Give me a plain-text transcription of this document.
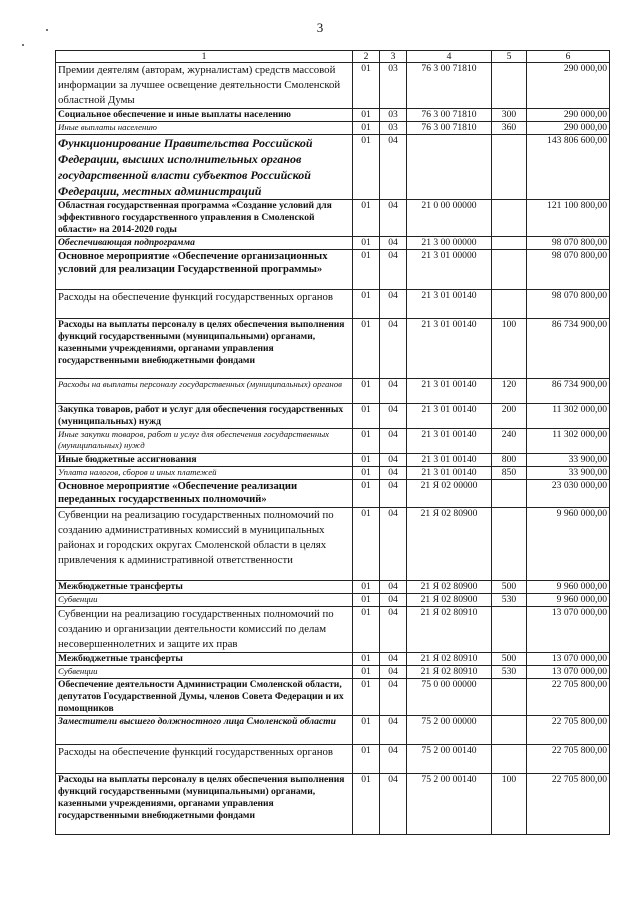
3
1	2	3	4	5	6
Премии деятелям (авторам, журналистам) средств массовой информации за лучшее освещение деятельности Смоленской областной Думы	01	03	76 3 00 71810		290 000,00
Социальное обеспечение и иные выплаты населению	01	03	76 3 00 71810	300	290 000,00
Иные выплаты населению	01	03	76 3 00 71810	360	290 000,00
Функционирование Правительства Российской Федерации, высших исполнительных органов государственной власти субъектов Российской Федерации, местных администраций	01	04			143 806 600,00
Областная государственная программа «Создание условий для эффективного государственного управления в Смоленской области» на 2014-2020 годы	01	04	21 0 00 00000		121 100 800,00
Обеспечивающая подпрограмма	01	04	21 3 00 00000		98 070 800,00
Основное мероприятие «Обеспечение организационных условий для реализации Государственной программы»	01	04	21 3 01 00000		98 070 800,00
Расходы на обеспечение функций государственных органов	01	04	21 3 01 00140		98 070 800,00
Расходы на выплаты персоналу в целях обеспечения выполнения функций государственными (муниципальными) органами, казенными учреждениями, органами управления государственными внебюджетными фондами	01	04	21 3 01 00140	100	86 734 900,00
Расходы на выплаты персоналу государственных (муниципальных) органов	01	04	21 3 01 00140	120	86 734 900,00
Закупка товаров, работ и услуг для обеспечения государственных (муниципальных) нужд	01	04	21 3 01 00140	200	11 302 000,00
Иные закупки товаров, работ и услуг для обеспечения государственных (муниципальных) нужд	01	04	21 3 01 00140	240	11 302 000,00
Иные бюджетные ассигнования	01	04	21 3 01 00140	800	33 900,00
Уплата налогов, сборов и иных платежей	01	04	21 3 01 00140	850	33 900,00
Основное мероприятие «Обеспечение реализации переданных государственных полномочий»	01	04	21 Я 02 00000		23 030 000,00
Субвенции на реализацию государственных полномочий по созданию административных комиссий в муниципальных районах и городских округах Смоленской области в целях привлечения к административной ответственности	01	04	21 Я 02 80900		9 960 000,00
Межбюджетные трансферты	01	04	21 Я 02 80900	500	9 960 000,00
Субвенции	01	04	21 Я 02 80900	530	9 960 000,00
Субвенции на реализацию государственных полномочий по созданию и организации деятельности комиссий по делам несовершеннолетних и защите их прав	01	04	21 Я 02 80910		13 070 000,00
Межбюджетные трансферты	01	04	21 Я 02 80910	500	13 070 000,00
Субвенции	01	04	21 Я 02 80910	530	13 070 000,00
Обеспечение деятельности Администрации Смоленской области, депутатов Государственной Думы, членов Совета Федерации и их помощников	01	04	75 0 00 00000		22 705 800,00
Заместители высшего должностного лица Смоленской области	01	04	75 2 00 00000		22 705 800,00
Расходы на обеспечение функций государственных органов	01	04	75 2 00 00140		22 705 800,00
Расходы на выплаты персоналу в целях обеспечения выполнения функций государственными (муниципальными) органами, казенными учреждениями, органами управления государственными внебюджетными фондами	01	04	75 2 00 00140	100	22 705 800,00
